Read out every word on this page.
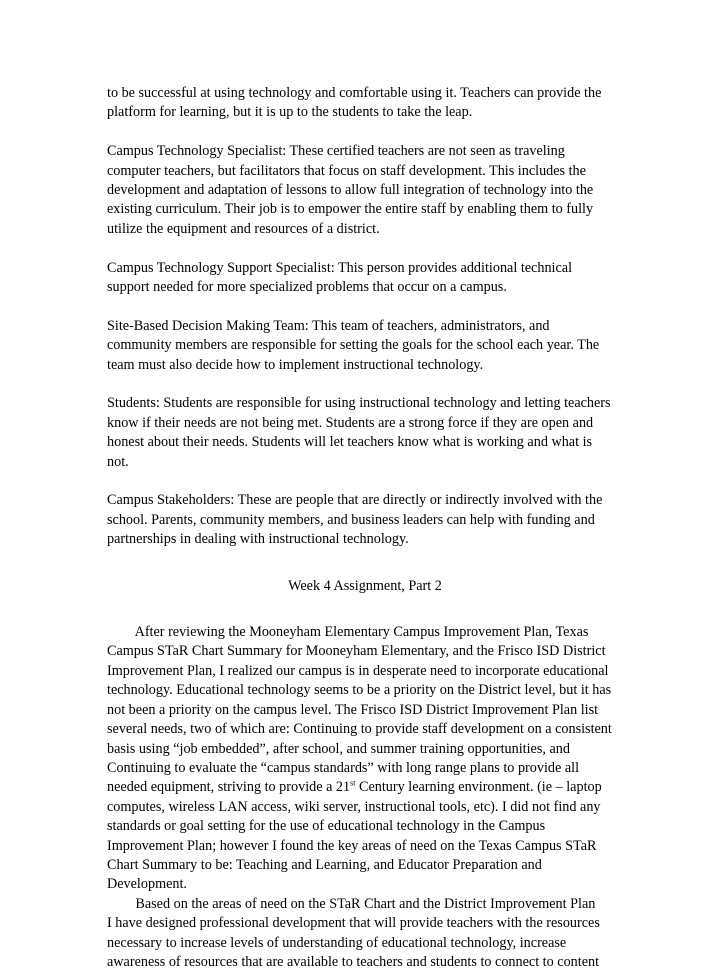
to be successful at using technology and comfortable using it. Teachers can provide the

platform for learning, but it is up to the students to take the leap.

Campus Technology Specialist: These certified teachers are not seen as traveling

computer teachers, but facilitators that focus on staff development. This includes the

development and adaptation of lessons to allow full integration of technology into the

existing curriculum. Their job is to empower the entire staff by enabling them to fully

utilize the equipment and resources of a district.

Campus Technology Support Specialist: This person provides additional technical

support needed for more specialized problems that occur on a campus.

Site-Based Decision Making Team: This team of teachers, administrators, and

community members are responsible for setting the goals for the school each year. The

team must also decide how to implement instructional technology.

Students: Students are responsible for using instructional technology and letting teachers

know if their needs are not being met. Students are a strong force if they are open and

honest about their needs. Students will let teachers know what is working and what is

not.

Campus Stakeholders: These are people that are directly or indirectly involved with the

school. Parents, community members, and business leaders can help with funding and

partnerships in dealing with instructional technology.

Week 4 Assignment, Part 2

After reviewing the Mooneyham Elementary Campus Improvement Plan, Texas

Campus STaR Chart Summary for Mooneyham Elementary, and the Frisco ISD District

Improvement Plan, I realized our campus is in desperate need to incorporate educational

technology. Educational technology seems to be a priority on the District level, but it has

not been a priority on the campus level. The Frisco ISD District Improvement Plan list

several needs, two of which are: Continuing to provide staff development on a consistent

basis using “job embedded”, after school, and summer training opportunities, and

Continuing to evaluate the “campus standards” with long range plans to provide all

needed equipment, striving to provide a 21st Century learning environment. (ie – laptop

computes, wireless LAN access, wiki server, instructional tools, etc). I did not find any

standards or goal setting for the use of educational technology in the Campus

Improvement Plan; however I found the key areas of need on the Texas Campus STaR

Chart Summary to be: Teaching and Learning, and Educator Preparation and

Development.

Based on the areas of need on the STaR Chart and the District Improvement Plan

I have designed professional development that will provide teachers with the resources

necessary to increase levels of understanding of educational technology, increase

awareness of resources that are available to teachers and students to connect to content
